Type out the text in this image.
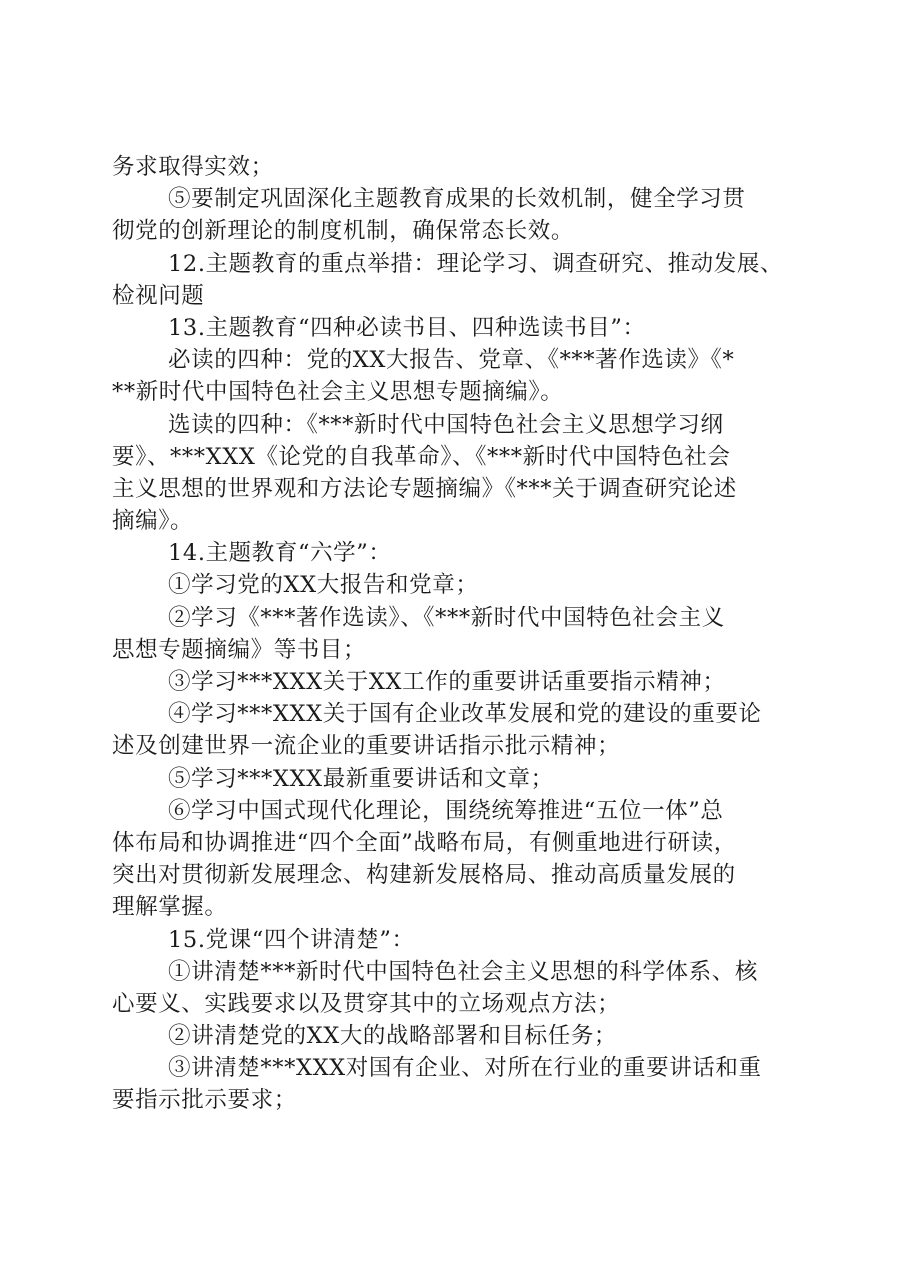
务求取得实效；
⑤要制定巩固深化主题教育成果的长效机制，健全学习贯
彻党的创新理论的制度机制，确保常态长效。
12.主题教育的重点举措：理论学习、调查研究、推动发展、
检视问题
13.主题教育“四种必读书目、四种选读书目”：
必读的四种：党的XX大报告、党章、《***著作选读》《*
**新时代中国特色社会主义思想专题摘编》。
选读的四种：《***新时代中国特色社会主义思想学习纲
要》、***XXX《论党的自我革命》、《***新时代中国特色社会
主义思想的世界观和方法论专题摘编》《***关于调查研究论述
摘编》。
14.主题教育“六学”：
①学习党的XX大报告和党章；
②学习《***著作选读》、《***新时代中国特色社会主义
思想专题摘编》等书目；
③学习***XXX关于XX工作的重要讲话重要指示精神；
④学习***XXX关于国有企业改革发展和党的建设的重要论
述及创建世界一流企业的重要讲话指示批示精神；
⑤学习***XXX最新重要讲话和文章；
⑥学习中国式现代化理论，围绕统筹推进“五位一体”总
体布局和协调推进“四个全面”战略布局，有侧重地进行研读，
突出对贯彻新发展理念、构建新发展格局、推动高质量发展的
理解掌握。
15.党课“四个讲清楚”：
①讲清楚***新时代中国特色社会主义思想的科学体系、核
心要义、实践要求以及贯穿其中的立场观点方法；
②讲清楚党的XX大的战略部署和目标任务；
③讲清楚***XXX对国有企业、对所在行业的重要讲话和重
要指示批示要求；
